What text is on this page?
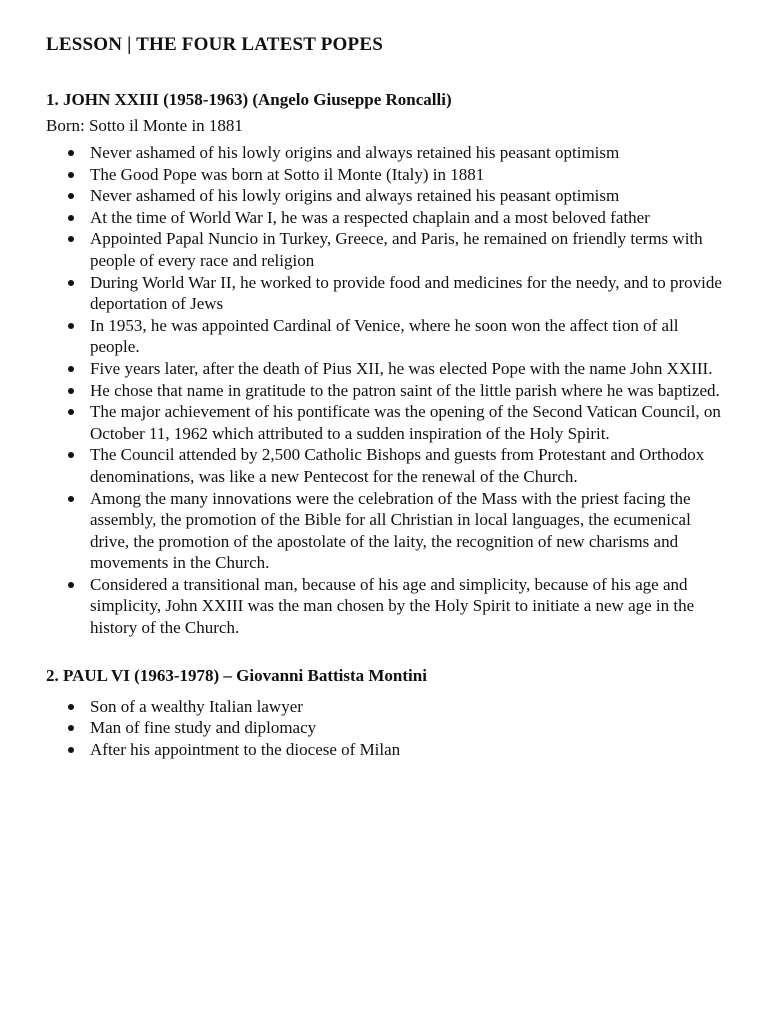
LESSON | THE FOUR LATEST POPES
1. JOHN XXIII (1958-1963) (Angelo Giuseppe Roncalli)
Born: Sotto il Monte in 1881
Never ashamed of his lowly origins and always retained his peasant optimism
The Good Pope was born at Sotto il Monte (Italy) in 1881
Never ashamed of his lowly origins and always retained his peasant optimism
At the time of World War I, he was a respected chaplain and a most beloved father
Appointed Papal Nuncio in Turkey, Greece, and Paris, he remained on friendly terms with people of every race and religion
During World War II, he worked to provide food and medicines for the needy, and to provide deportation of Jews
In 1953, he was appointed Cardinal of Venice, where he soon won the affect tion of all people.
Five years later, after the death of Pius XII, he was elected Pope with the name John XXIII.
He chose that name in gratitude to the patron saint of the little parish where he was baptized.
The major achievement of his pontificate was the opening of the Second Vatican Council, on October 11, 1962 which attributed to a sudden inspiration of the Holy Spirit.
The Council attended by 2,500 Catholic Bishops and guests from Protestant and Orthodox denominations, was like a new Pentecost for the renewal of the Church.
Among the many innovations were the celebration of the Mass with the priest facing the assembly, the promotion of the Bible for all Christian in local languages, the ecumenical drive, the promotion of the apostolate of the laity, the recognition of new charisms and movements in the Church.
Considered a transitional man, because of his age and simplicity, because of his age and simplicity, John XXIII was the man chosen by the Holy Spirit to initiate a new age in the history of the Church.
2. PAUL VI (1963-1978) – Giovanni Battista Montini
Son of a wealthy Italian lawyer
Man of fine study and diplomacy
After his appointment to the diocese of Milan
